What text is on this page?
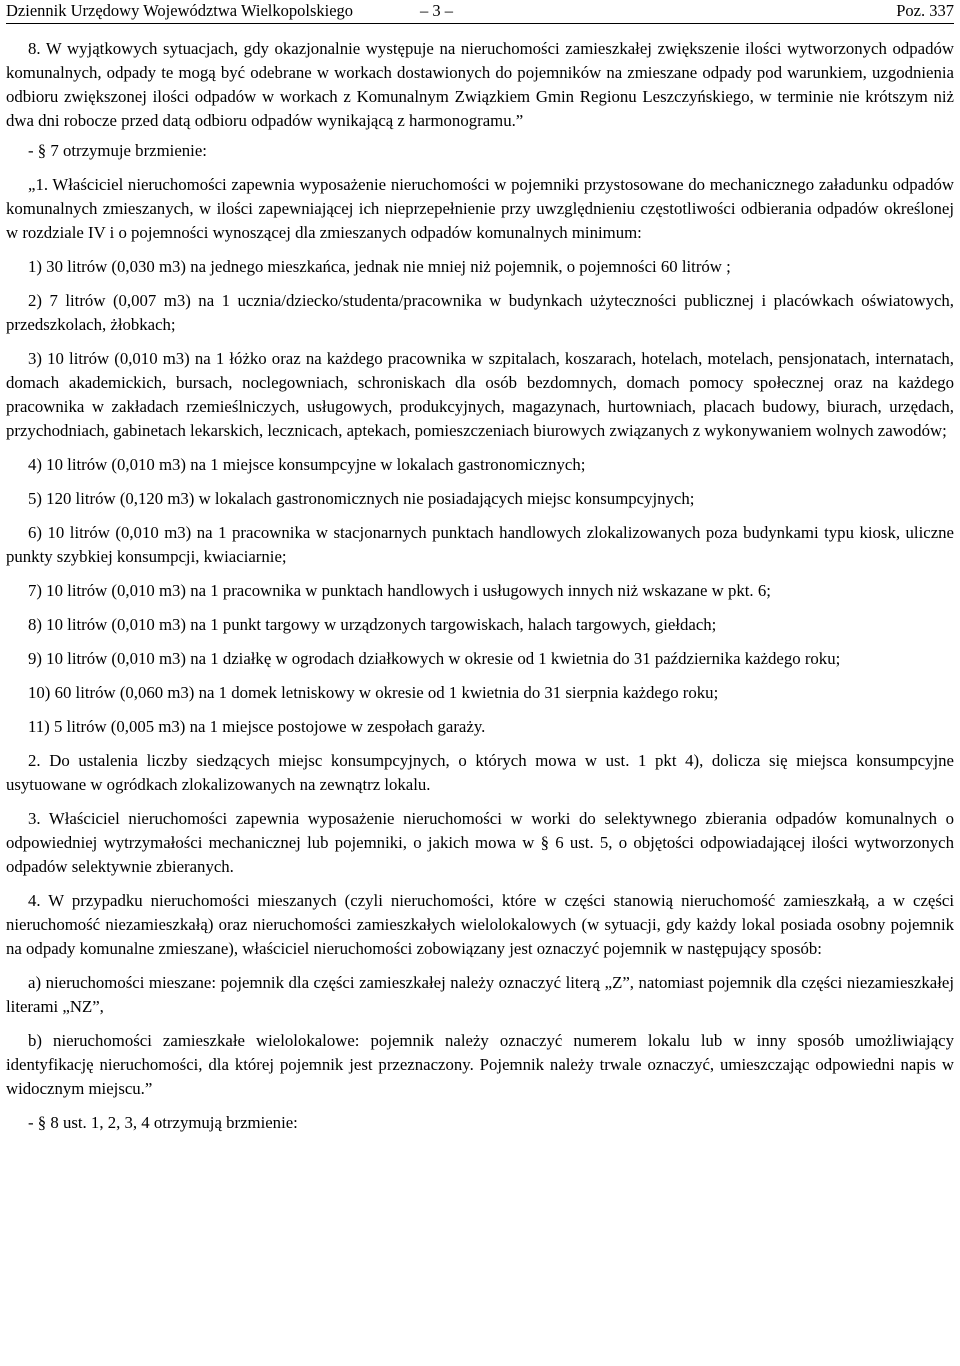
Dziennik Urzędowy Województwa Wielkopolskiego	– 3 –	Poz. 337

8. W wyjątkowych sytuacjach, gdy okazjonalnie występuje na nieruchomości zamieszkałej zwiększenie ilości wytworzonych odpadów komunalnych, odpady te mogą być odebrane w workach dostawionych do pojemników na zmieszane odpady pod warunkiem, uzgodnienia odbioru zwiększonej ilości odpadów w workach z Komunalnym Związkiem Gmin Regionu Leszczyńskiego, w terminie nie krótszym niż dwa dni robocze przed datą odbioru odpadów wynikającą z harmonogramu.”

- § 7 otrzymuje brzmienie:

„1. Właściciel nieruchomości zapewnia wyposażenie nieruchomości w pojemniki przystosowane do mechanicznego załadunku odpadów komunalnych zmieszanych, w ilości zapewniającej ich nieprzepełnienie przy uwzględnieniu częstotliwości odbierania odpadów określonej w rozdziale IV i o pojemności wynoszącej dla zmieszanych odpadów komunalnych minimum:

1) 30 litrów (0,030 m3) na jednego mieszkańca, jednak nie mniej niż pojemnik, o pojemności 60 litrów ;

2) 7 litrów (0,007 m3) na 1 ucznia/dziecko/studenta/pracownika w budynkach użyteczności publicznej i placówkach oświatowych, przedszkolach, żłobkach;

3) 10 litrów (0,010 m3) na 1 łóżko oraz na każdego pracownika w szpitalach, koszarach, hotelach, motelach, pensjonatach, internatach, domach akademickich, bursach, noclegowniach, schroniskach dla osób bezdomnych, domach pomocy społecznej oraz na każdego pracownika w zakładach rzemieślniczych, usługowych, produkcyjnych, magazynach, hurtowniach, placach budowy, biurach, urzędach, przychodniach, gabinetach lekarskich, lecznicach, aptekach, pomieszczeniach biurowych związanych z wykonywaniem wolnych zawodów;

4) 10 litrów (0,010 m3) na 1 miejsce konsumpcyjne w lokalach gastronomicznych;

5) 120 litrów (0,120 m3) w lokalach gastronomicznych nie posiadających miejsc konsumpcyjnych;

6) 10 litrów (0,010 m3) na 1 pracownika w stacjonarnych punktach handlowych zlokalizowanych poza budynkami typu kiosk, uliczne punkty szybkiej konsumpcji, kwiaciarnie;

7) 10 litrów (0,010 m3) na 1 pracownika w punktach handlowych i usługowych innych niż wskazane w pkt. 6;

8) 10 litrów (0,010 m3) na 1 punkt targowy w urządzonych targowiskach, halach targowych, giełdach;

9) 10 litrów (0,010 m3) na 1 działkę w ogrodach działkowych w okresie od 1 kwietnia do 31 października każdego roku;

10) 60 litrów (0,060 m3) na 1 domek letniskowy w okresie od 1 kwietnia do 31 sierpnia każdego roku;

11) 5 litrów (0,005 m3) na 1 miejsce postojowe w zespołach garaży.

2. Do ustalenia liczby siedzących miejsc konsumpcyjnych, o których mowa w ust. 1 pkt 4), dolicza się miejsca konsumpcyjne usytuowane w ogródkach zlokalizowanych na zewnątrz lokalu.

3. Właściciel nieruchomości zapewnia wyposażenie nieruchomości w worki do selektywnego zbierania odpadów komunalnych o odpowiedniej wytrzymałości mechanicznej lub pojemniki, o jakich mowa w § 6 ust. 5, o objętości odpowiadającej ilości wytworzonych odpadów selektywnie zbieranych.

4. W przypadku nieruchomości mieszanych (czyli nieruchomości, które w części stanowią nieruchomość zamieszkałą, a w części nieruchomość niezamieszkałą) oraz nieruchomości zamieszkałych wielolokalowych (w sytuacji, gdy każdy lokal posiada osobny pojemnik na odpady komunalne zmieszane), właściciel nieruchomości zobowiązany jest oznaczyć pojemnik w następujący sposób:

a) nieruchomości mieszane: pojemnik dla części zamieszkałej należy oznaczyć literą „Z”, natomiast pojemnik dla części niezamieszkałej literami „NZ”,

b) nieruchomości zamieszkałe wielolokalowe: pojemnik należy oznaczyć numerem lokalu lub w inny sposób umożliwiający identyfikację nieruchomości, dla której pojemnik jest przeznaczony. Pojemnik należy trwale oznaczyć, umieszczając odpowiedni napis w widocznym miejscu.”

- § 8 ust. 1, 2, 3, 4 otrzymują brzmienie:
